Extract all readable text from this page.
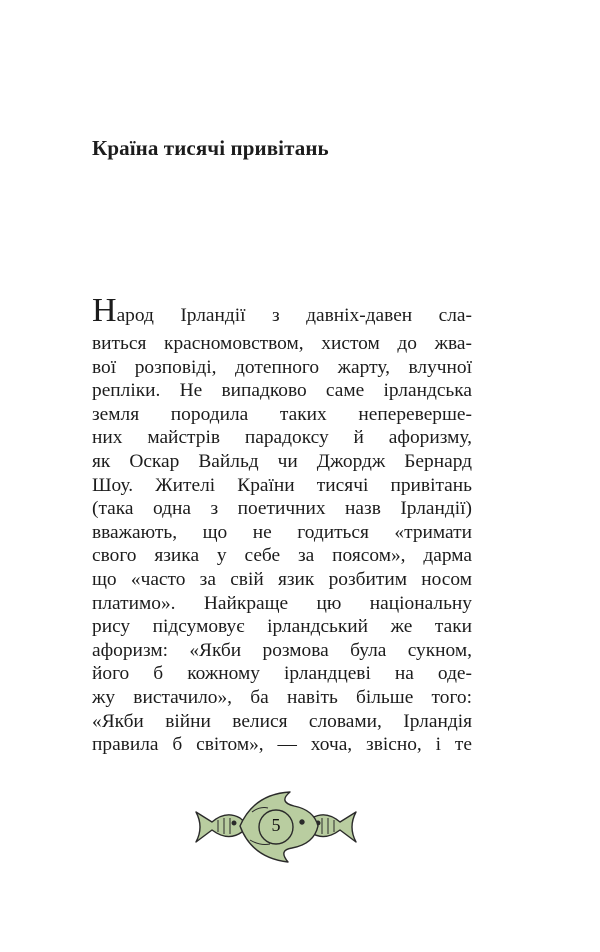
Країна тисячі привітань
Народ Ірландії з давніх-давен сла-
виться красномовством, хистом до жва-
вої розповіді, дотепного жарту, влучної
репліки. Не випадково саме ірландська
земля породила таких неперевершe-
них майстрів парадоксу й афоризму,
як Оскар Вайльд чи Джордж Бернард
Шоу. Жителі Країни тисячі привітань
(така одна з поетичних назв Ірландії)
вважають, що не годиться «тримати
свого язика у себе за поясом», дарма
що «часто за свій язик розбитим носом
платимо». Найкраще цю національну
рису підсумовує ірландський же таки
афоризм: «Якби розмова була сукном,
його б кожному ірландцеві на оде-
жу вистачило», ба навіть більше того:
«Якби війни велися словами, Ірландія
правила б світом», — хоча, звісно, і те
5
